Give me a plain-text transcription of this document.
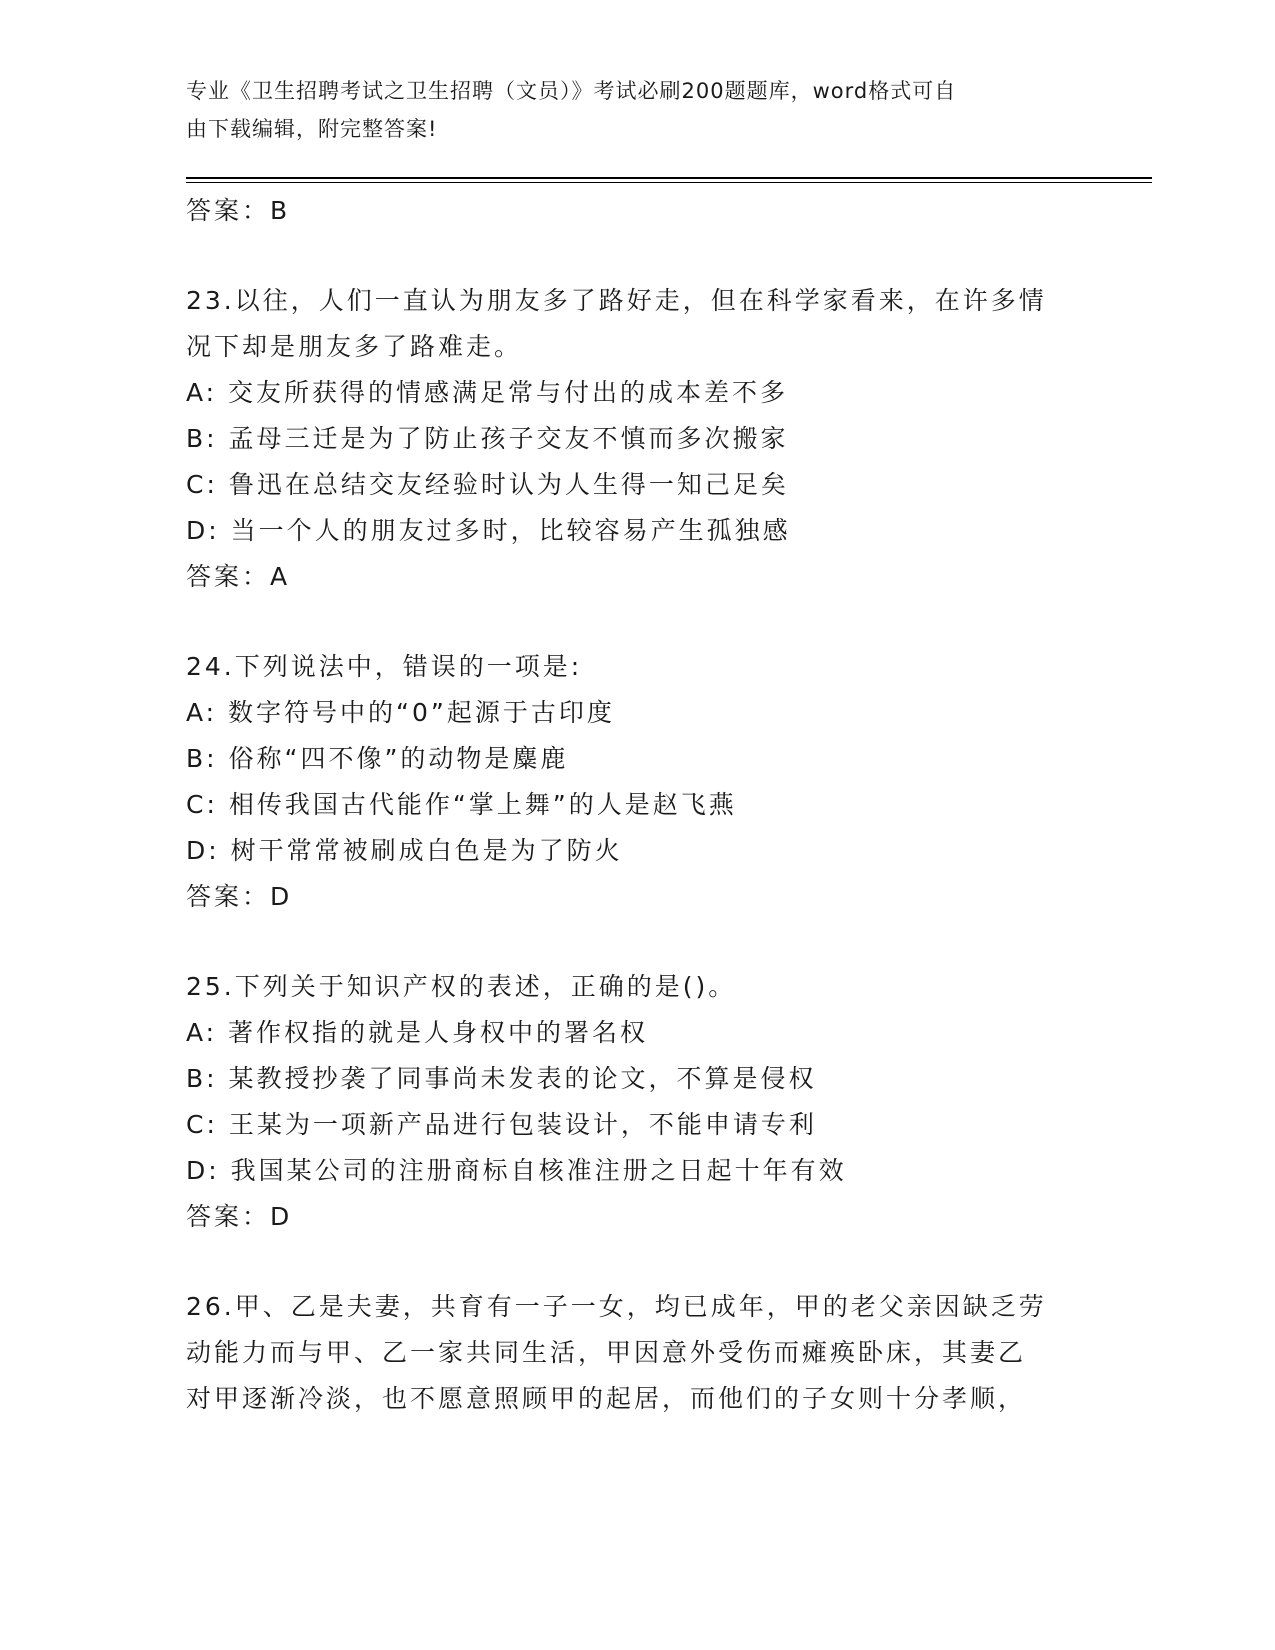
专业《卫生招聘考试之卫生招聘（文员）》考试必刷200题题库，word格式可自
由下载编辑，附完整答案!
答案：B
23.以往，人们一直认为朋友多了路好走，但在科学家看来，在许多情
况下却是朋友多了路难走。
A: 交友所获得的情感满足常与付出的成本差不多
B: 孟母三迁是为了防止孩子交友不慎而多次搬家
C: 鲁迅在总结交友经验时认为人生得一知己足矣
D: 当一个人的朋友过多时，比较容易产生孤独感
答案：A
24.下列说法中，错误的一项是:
A: 数字符号中的“0”起源于古印度
B: 俗称“四不像”的动物是麋鹿
C: 相传我国古代能作“掌上舞”的人是赵飞燕
D: 树干常常被刷成白色是为了防火
答案：D
25.下列关于知识产权的表述，正确的是()。
A: 著作权指的就是人身权中的署名权
B: 某教授抄袭了同事尚未发表的论文，不算是侵权
C: 王某为一项新产品进行包装设计，不能申请专利
D: 我国某公司的注册商标自核准注册之日起十年有效
答案：D
26.甲、乙是夫妻，共育有一子一女，均已成年，甲的老父亲因缺乏劳
动能力而与甲、乙一家共同生活，甲因意外受伤而瘫痪卧床，其妻乙
对甲逐渐冷淡，也不愿意照顾甲的起居，而他们的子女则十分孝顺，
